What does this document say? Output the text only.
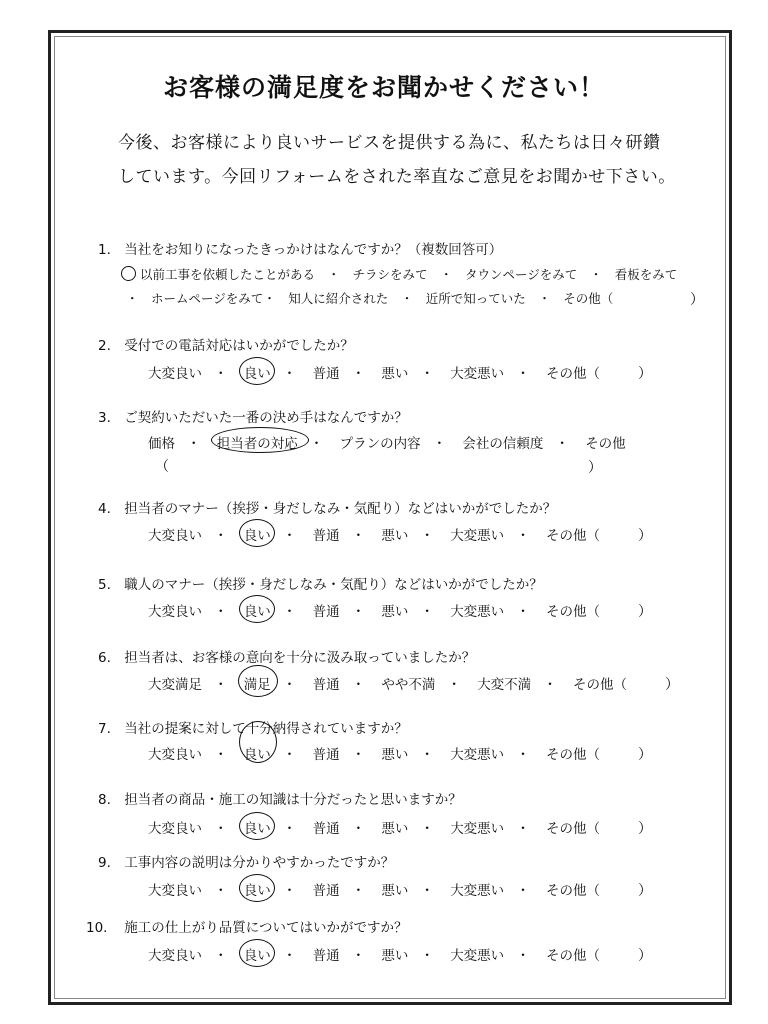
お客様の満足度をお聞かせください！
今後、お客様により良いサービスを提供する為に、私たちは日々研鑽
しています。今回リフォームをされた率直なご意見をお聞かせ下さい。
1. 当社をお知りになったきっかけはなんですか？（複数回答可）
以前工事を依頼したことがある　・　チラシをみて　・　タウンページをみて　・　看板をみて
・　ホームページをみて・　知人に紹介された　・　近所で知っていた　・　その他（	）
2. 受付での電話対応はいかがでしたか？
大変良い ・ 良い ・ 普通 ・ 悪い ・ 大変悪い ・ その他（	）
3. ご契約いただいた一番の決め手はなんですか？
価格 ・ 担当者の対応 ・ プランの内容 ・ 会社の信頼度 ・ その他
（	）
4. 担当者のマナー（挨拶・身だしなみ・気配り）などはいかがでしたか？
大変良い ・ 良い ・ 普通 ・ 悪い ・ 大変悪い ・ その他（	）
5. 職人のマナー（挨拶・身だしなみ・気配り）などはいかがでしたか？
大変良い ・ 良い ・ 普通 ・ 悪い ・ 大変悪い ・ その他（	）
6. 担当者は、お客様の意向を十分に汲み取っていましたか？
大変満足 ・ 満足 ・ 普通 ・ やや不満 ・ 大変不満 ・ その他（	）
7. 当社の提案に対して十分納得されていますか？
大変良い ・ 良い ・ 普通 ・ 悪い ・ 大変悪い ・ その他（	）
8. 担当者の商品・施工の知識は十分だったと思いますか？
大変良い ・ 良い ・ 普通 ・ 悪い ・ 大変悪い ・ その他（	）
9. 工事内容の説明は分かりやすかったですか？
大変良い ・ 良い ・ 普通 ・ 悪い ・ 大変悪い ・ その他（	）
10. 施工の仕上がり品質についてはいかがですか？
大変良い ・ 良い ・ 普通 ・ 悪い ・ 大変悪い ・ その他（	）
